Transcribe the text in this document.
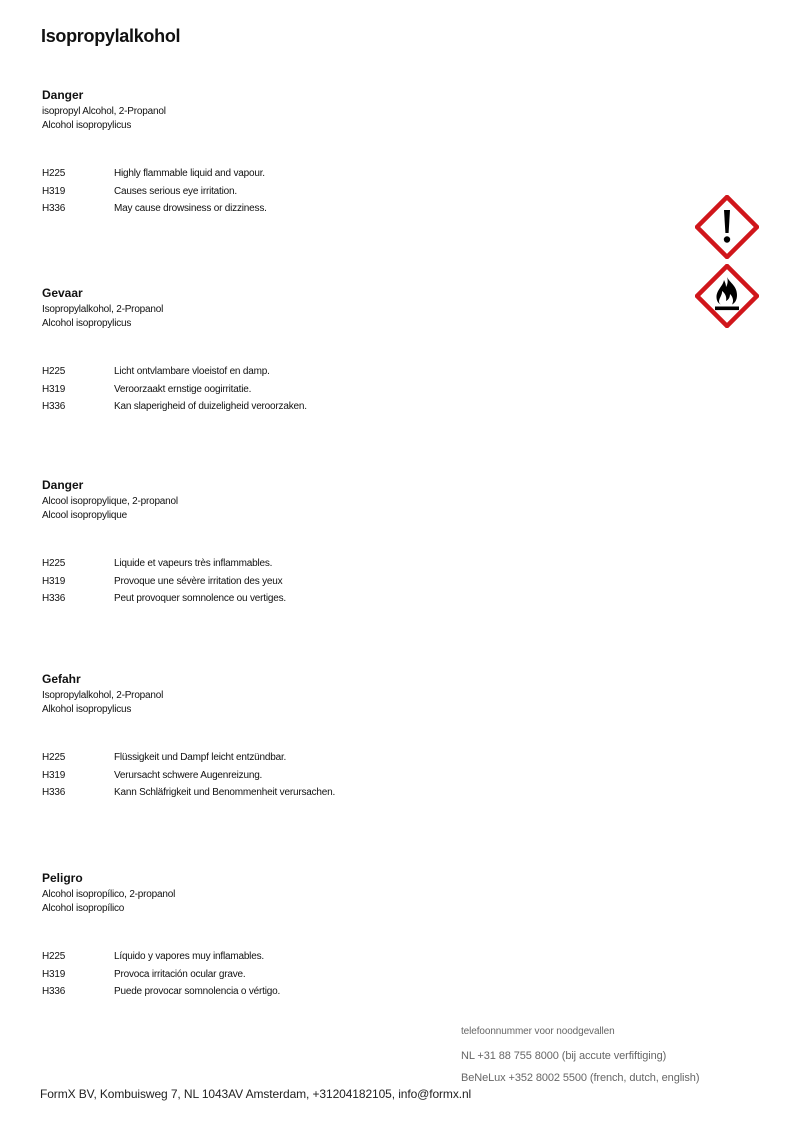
Isopropylalkohol
Danger
isopropyl Alcohol, 2-Propanol
Alcohol isopropylicus
H225	Highly flammable liquid and vapour.
H319	Causes serious eye irritation.
H336	May cause drowsiness or dizziness.
Gevaar
Isopropylalkohol, 2-Propanol
Alcohol isopropylicus
H225	Licht ontvlambare vloeistof en damp.
H319	Veroorzaakt ernstige oogirritatie.
H336	Kan slaperigheid of duizeligheid veroorzaken.
Danger
Alcool isopropylique, 2-propanol
Alcool isopropylique
H225	Liquide et vapeurs très inflammables.
H319	Provoque une sévère irritation des yeux
H336	Peut provoquer somnolence ou vertiges.
Gefahr
Isopropylalkohol, 2-Propanol
Alkohol isopropylicus
H225	Flüssigkeit und Dampf leicht entzündbar.
H319	Verursacht schwere Augenreizung.
H336	Kann Schläfrigkeit und Benommenheit verursachen.
Peligro
Alcohol isopropílico, 2-propanol
Alcohol isopropílico
H225	Líquido y vapores muy inflamables.
H319	Provoca irritación ocular grave.
H336	Puede provocar somnolencia o vértigo.
telefoonnummer voor noodgevallen
NL +31 88 755 8000 (bij accute verfiftiging)
BeNeLux +352 8002 5500 (french, dutch, english)
FormX BV, Kombuisweg 7, NL 1043AV Amsterdam, +31204182105, info@formx.nl
